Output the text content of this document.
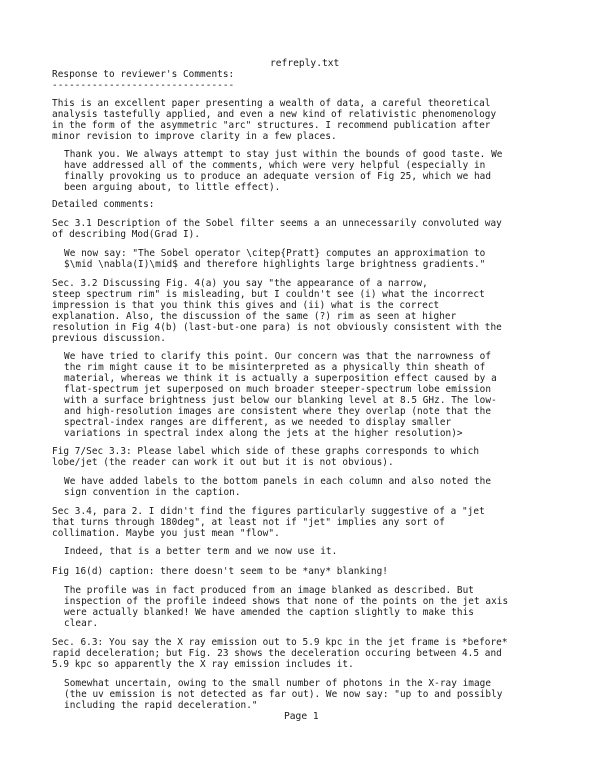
refreply.txt
Response to reviewer's Comments:
--------------------------------
This is an excellent paper presenting a wealth of data, a careful theoretical
analysis tastefully applied, and even a new kind of relativistic phenomenology
in the form of the asymmetric "arc" structures. I recommend publication after
minor revision to improve clarity in a few places.
Thank you. We always attempt to stay just within the bounds of good taste. We
have addressed all of the comments, which were very helpful (especially in
finally provoking us to produce an adequate version of Fig 25, which we had
been arguing about, to little effect).
Detailed comments:
Sec 3.1 Description of the Sobel filter seems a an unnecessarily convoluted way
of describing Mod(Grad I).
We now say: "The Sobel operator \citep{Pratt} computes an approximation to
$\mid \nabla(I)\mid$ and therefore highlights large brightness gradients."
Sec. 3.2 Discussing Fig. 4(a) you say "the appearance of a narrow,
steep spectrum rim" is misleading, but I couldn't see (i) what the incorrect
impression is that you think this gives and (ii) what is the correct
explanation. Also, the discussion of the same (?) rim as seen at higher
resolution in Fig 4(b) (last-but-one para) is not obviously consistent with the
previous discussion.
We have tried to clarify this point. Our concern was that the narrowness of
the rim might cause it to be misinterpreted as a physically thin sheath of
material, whereas we think it is actually a superposition effect caused by a
flat-spectrum jet superposed on much broader steeper-spectrum lobe emission
with a surface brightness just below our blanking level at 8.5 GHz. The low-
and high-resolution images are consistent where they overlap (note that the
spectral-index ranges are different, as we needed to display smaller
variations in spectral index along the jets at the higher resolution)>
Fig 7/Sec 3.3: Please label which side of these graphs corresponds to which
lobe/jet (the reader can work it out but it is not obvious).
We have added labels to the bottom panels in each column and also noted the
sign convention in the caption.
Sec 3.4, para 2. I didn't find the figures particularly suggestive of a "jet
that turns through 180deg", at least not if "jet" implies any sort of
collimation. Maybe you just mean "flow".
Indeed, that is a better term and we now use it.
Fig 16(d) caption: there doesn't seem to be *any* blanking!
The profile was in fact produced from an image blanked as described. But
inspection of the profile indeed shows that none of the points on the jet axis
were actually blanked! We have amended the caption slightly to make this
clear.
Sec. 6.3: You say the X ray emission out to 5.9 kpc in the jet frame is *before*
rapid deceleration; but Fig. 23 shows the deceleration occuring between 4.5 and
5.9 kpc so apparently the X ray emission includes it.
Somewhat uncertain, owing to the small number of photons in the X-ray image
(the uv emission is not detected as far out). We now say: "up to and possibly
including the rapid deceleration."
Page 1
